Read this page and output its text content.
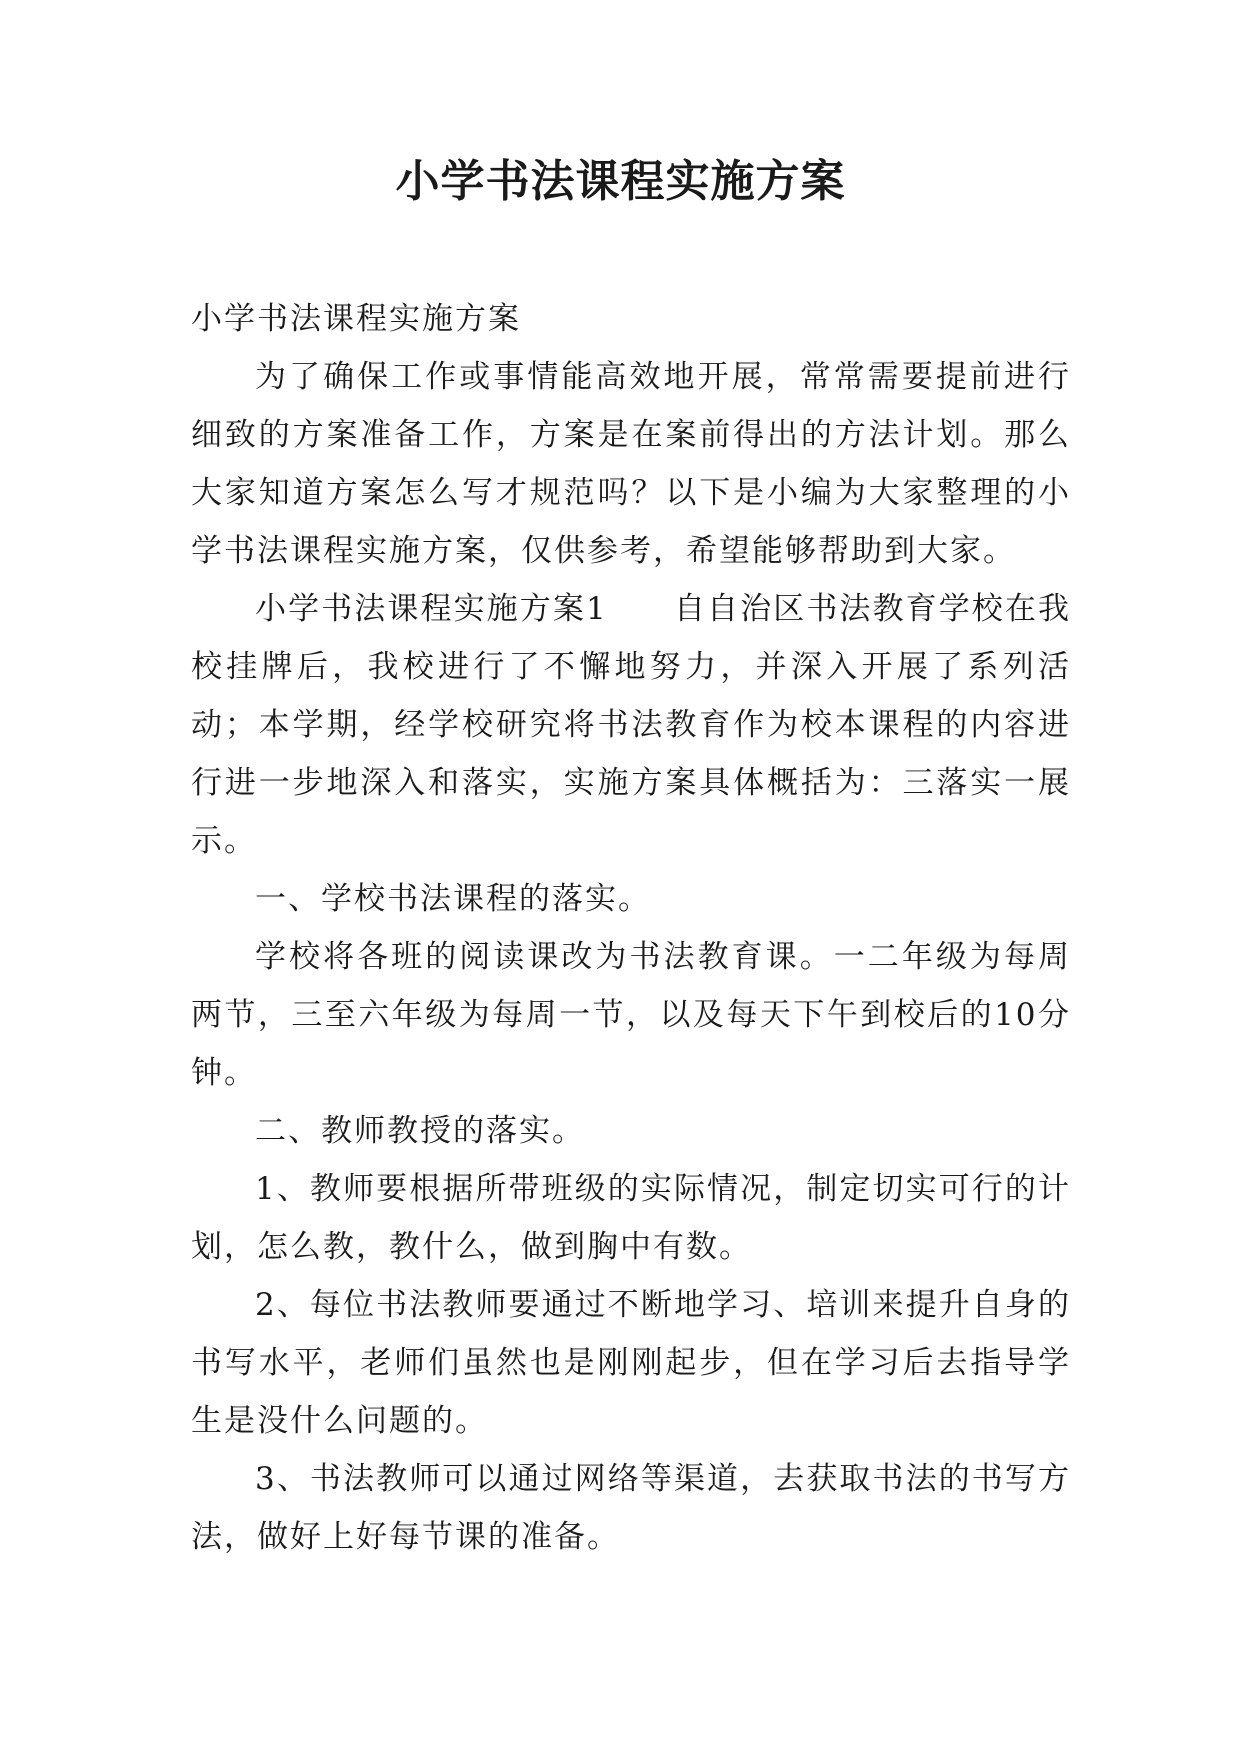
小学书法课程实施方案

小学书法课程实施方案

为了确保工作或事情能高效地开展，常常需要提前进行细致的方案准备工作，方案是在案前得出的方法计划。那么大家知道方案怎么写才规范吗？以下是小编为大家整理的小学书法课程实施方案，仅供参考，希望能够帮助到大家。

小学书法课程实施方案1　　自自治区书法教育学校在我校挂牌后，我校进行了不懈地努力，并深入开展了系列活动；本学期，经学校研究将书法教育作为校本课程的内容进行进一步地深入和落实，实施方案具体概括为：三落实一展示。

一、学校书法课程的落实。

学校将各班的阅读课改为书法教育课。一二年级为每周两节，三至六年级为每周一节，以及每天下午到校后的10分钟。

二、教师教授的落实。

1、教师要根据所带班级的实际情况，制定切实可行的计划，怎么教，教什么，做到胸中有数。

2、每位书法教师要通过不断地学习、培训来提升自身的书写水平，老师们虽然也是刚刚起步，但在学习后去指导学生是没什么问题的。

3、书法教师可以通过网络等渠道，去获取书法的书写方法，做好上好每节课的准备。
